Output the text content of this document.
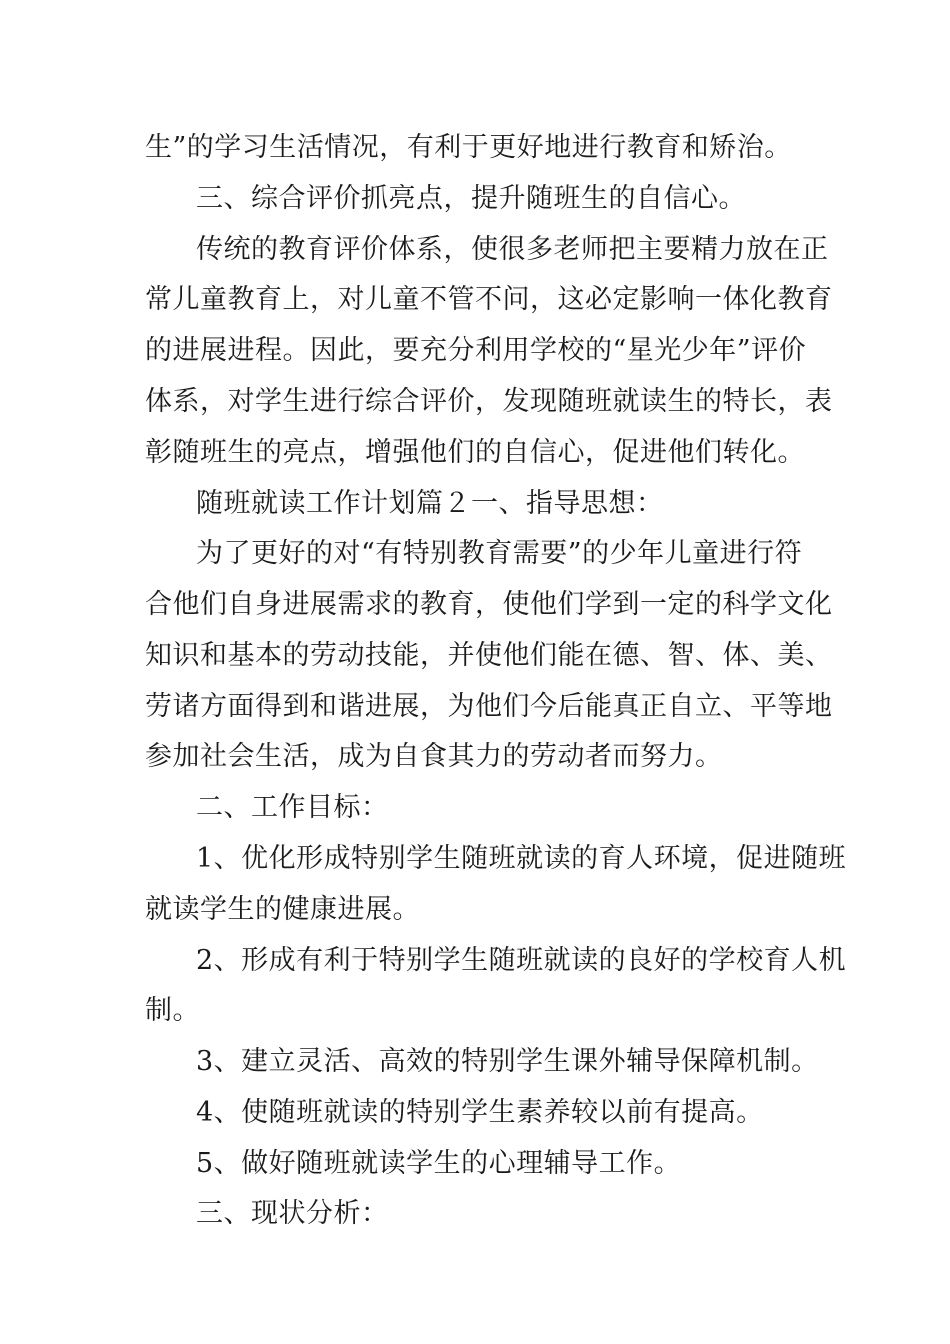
生”的学习生活情况，有利于更好地进行教育和矫治。
三、综合评价抓亮点，提升随班生的自信心。
传统的教育评价体系，使很多老师把主要精力放在正
常儿童教育上，对儿童不管不问，这必定影响一体化教育
的进展进程。因此，要充分利用学校的“星光少年”评价
体系，对学生进行综合评价，发现随班就读生的特长，表
彰随班生的亮点，增强他们的自信心，促进他们转化。
随班就读工作计划篇２一、指导思想：
为了更好的对“有特别教育需要”的少年儿童进行符
合他们自身进展需求的教育，使他们学到一定的科学文化
知识和基本的劳动技能，并使他们能在德、智、体、美、
劳诸方面得到和谐进展，为他们今后能真正自立、平等地
参加社会生活，成为自食其力的劳动者而努力。
二、工作目标：
1、优化形成特别学生随班就读的育人环境，促进随班
就读学生的健康进展。
2、形成有利于特别学生随班就读的良好的学校育人机
制。
3、建立灵活、高效的特别学生课外辅导保障机制。
4、使随班就读的特别学生素养较以前有提高。
5、做好随班就读学生的心理辅导工作。
三、现状分析：
